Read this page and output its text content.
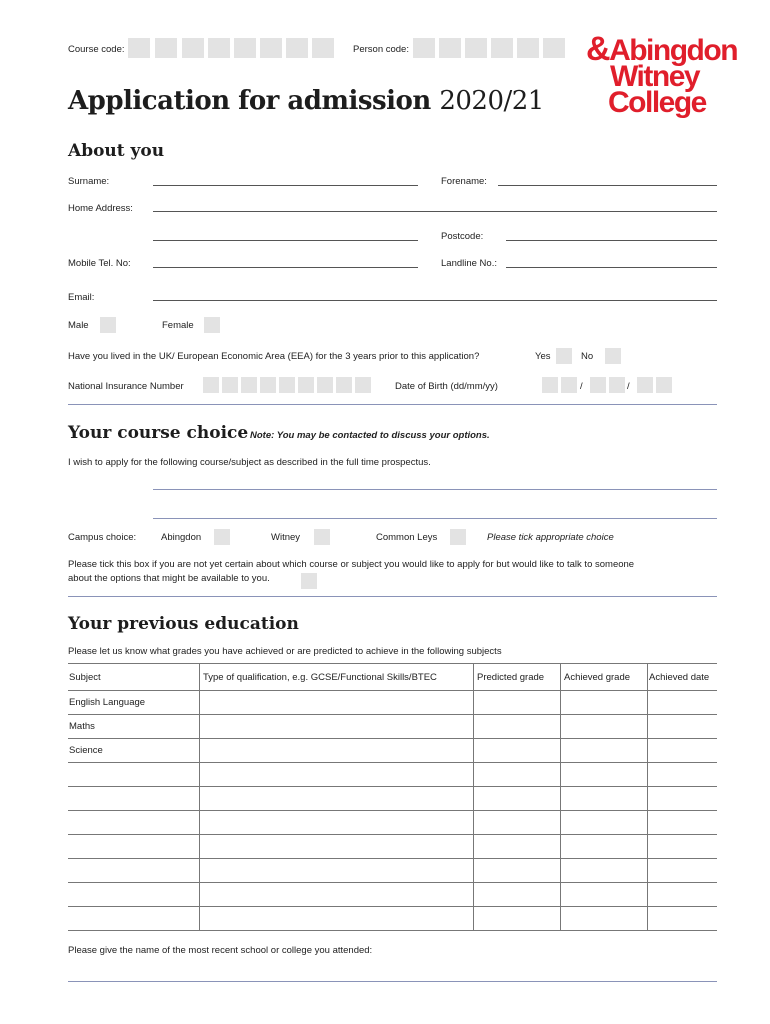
Course code:	Person code:
Application for admission 2020/21
&Abingdon
Witney
College
About you
Surname:	Forename:
Home Address:
Postcode:
Mobile Tel. No:	Landline No.:
Email:
Male	Female
Have you lived in the UK/ European Economic Area (EEA) for the 3 years prior to this application?	Yes	No
National Insurance Number	Date of Birth (dd/mm/yy)	/	/
Your course choice Note: You may be contacted to discuss your options.
I wish to apply for the following course/subject as described in the full time prospectus.
Campus choice:	Abingdon	Witney	Common Leys	Please tick appropriate choice
Please tick this box if you are not yet certain about which course or subject you would like to apply for but would like to talk to someone
about the options that might be available to you.
Your previous education
Please let us know what grades you have achieved or are predicted to achieve in the following subjects
Subject	Type of qualification, e.g. GCSE/Functional Skills/BTEC	Predicted grade	Achieved grade	Achieved date
English Language				
Maths				
Science				

Please give the name of the most recent school or college you attended:
